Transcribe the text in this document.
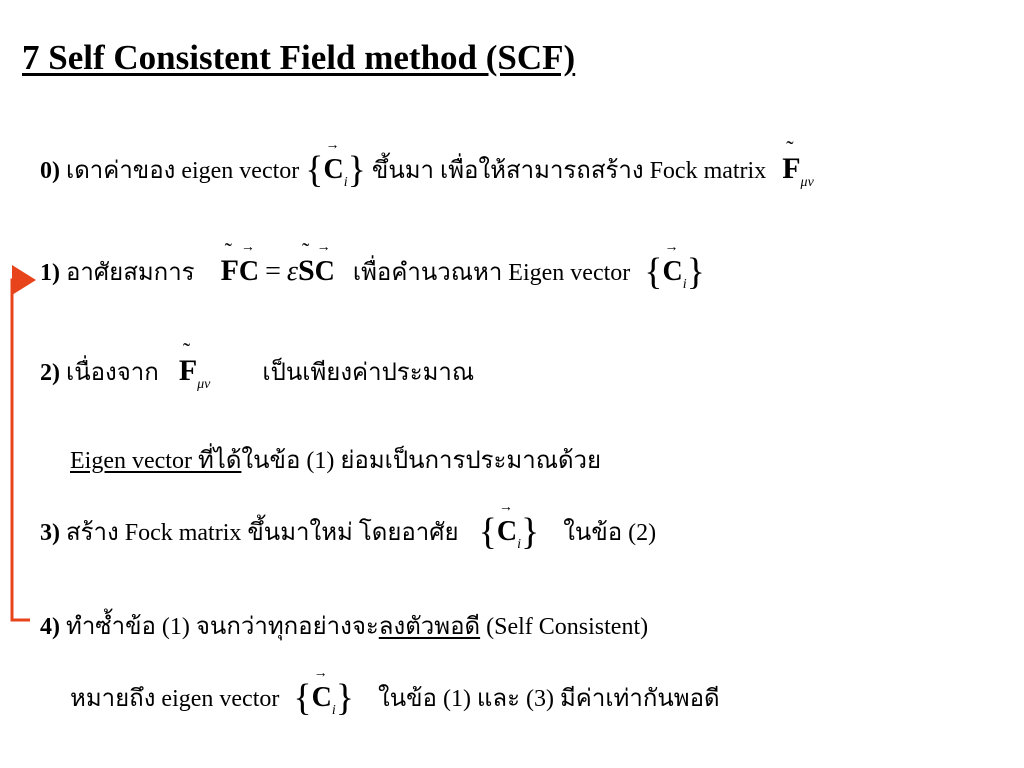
7 Self Consistent Field method (SCF)
0) เดาค่าของ eigen vector {→ $C_i$} ขึ้นมา เพื่อให้สามารถสร้าง Fock matrix ˜ $F_{\mu\nu}$
1) อาศัยสมการ ˜ F→ C = ε˜ S→ C เพื่อคำนวณหา Eigen vector {→ $C_i$}
2) เนื่องจาก ˜ $F_{\mu\nu}$ เป็นเพียงค่าประมาณ
Eigen vector ที่ได้ในข้อ (1) ย่อมเป็นการประมาณด้วย
3) สร้าง Fock matrix ขึ้นมาใหม่ โดยอาศัย {→ $C_i$} ในข้อ (2)
4) ทำซ้ำข้อ (1) จนกว่าทุกอย่างจะลงตัวพอดี (Self Consistent)
หมายถึง eigen vector {→ $C_i$} ในข้อ (1) และ (3) มีค่าเท่ากันพอดี
